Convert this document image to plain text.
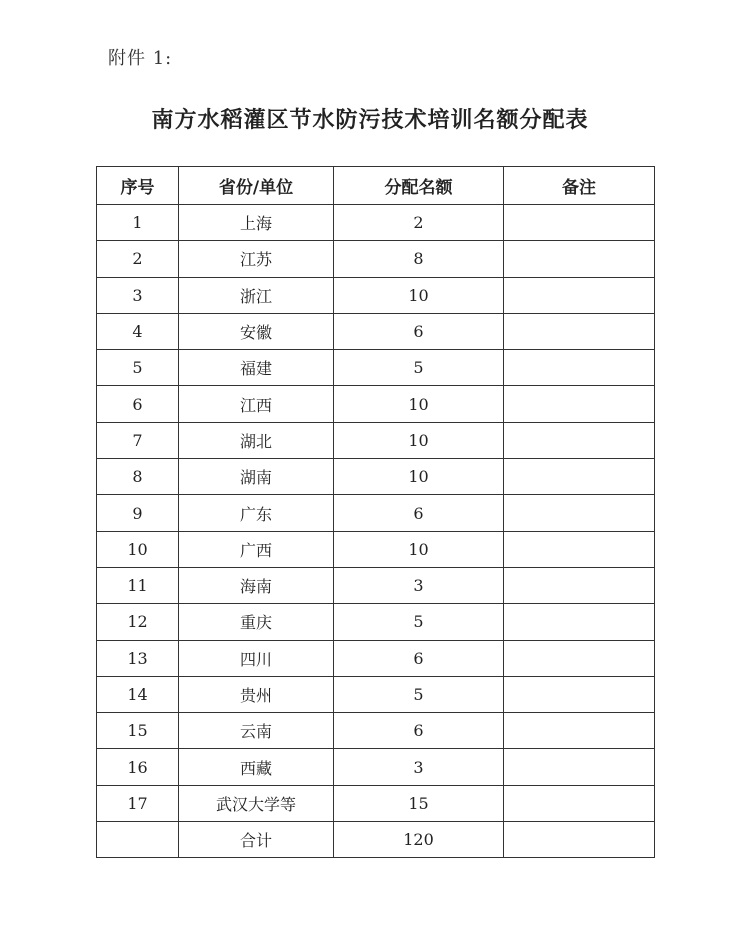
附件 1:
南方水稻灌区节水防污技术培训名额分配表
序号	省份/单位	分配名额	备注
1	上海	2	
2	江苏	8	
3	浙江	10	
4	安徽	6	
5	福建	5	
6	江西	10	
7	湖北	10	
8	湖南	10	
9	广东	6	
10	广西	10	
11	海南	3	
12	重庆	5	
13	四川	6	
14	贵州	5	
15	云南	6	
16	西藏	3	
17	武汉大学等	15	
	合计	120	
